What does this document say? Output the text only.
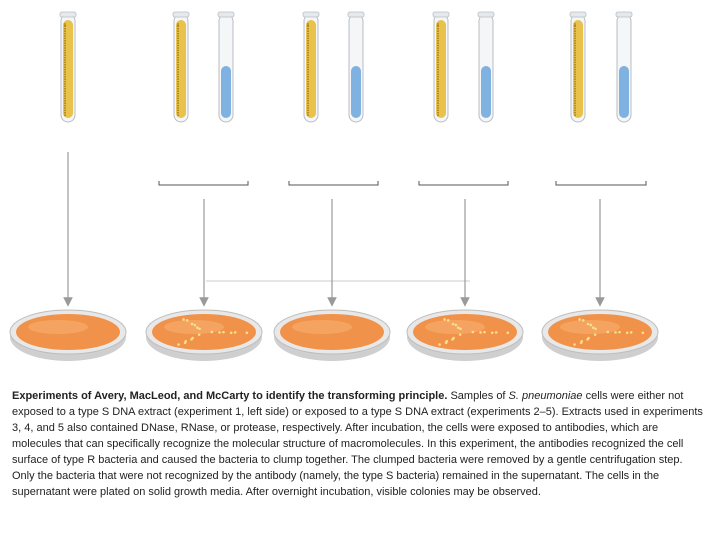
Experiments of Avery, MacLeod, and McCarty to identify the transforming principle. Samples of S. pneumoniae cells were either not exposed to a type S DNA extract (experiment 1, left side) or exposed to a type S DNA extract (experiments 2–5). Extracts used in experiments 3, 4, and 5 also contained DNase, RNase, or protease, respectively. After incubation, the cells were exposed to antibodies, which are molecules that can specifically recognize the molecular structure of macromolecules. In this experiment, the antibodies recognized the cell surface of type R bacteria and caused the bacteria to clump together. The clumped bacteria were removed by a gentle centrifugation step. Only the bacteria that were not recognized by the antibody (namely, the type S bacteria) remained in the supernatant. The cells in the supernatant were plated on solid growth media. After overnight incubation, visible colonies may be observed.
